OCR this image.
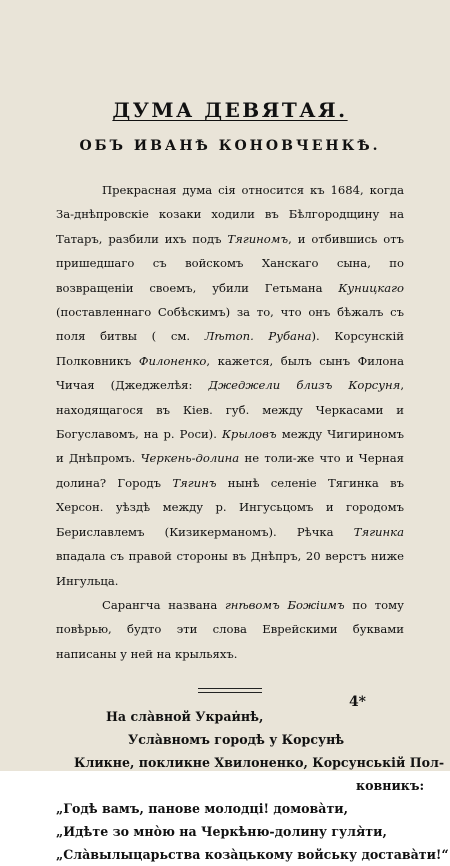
ДУМА ДЕВЯТАЯ.
ОБЪ ИВАНѢ КОНОВЧЕНКѢ.

Прекрасная дума сія относится къ 1684, когда За-днѣпровскіе козаки ходили въ Бѣлгородщину на Татаръ, разбили ихъ подъ Тягиномъ, и отбившись отъ пришедшаго съ войскомъ Ханскаго сына, по возвращеніи своемъ, убили Гетьмана Куницкаго (поставленнаго Собѣскимъ) за то, что онъ бѣжалъ съ поля битвы ( см. Лѣтоп. Рубана). Корсунскій Полковникъ Филоненко, кажется, былъ сынъ Филона Чичая (Джеджелѣя: Джеджели близъ Корсуня, находящагося въ Кіев. губ. между Черкасами и Богуславомъ, на р. Роси). Крыловъ между Чигириномъ и Днѣпромъ. Черкень-долина не толи-же что и Черная долина? Городъ Тягинъ нынѣ селеніе Тягинка въ Херсон. уѣздѣ между р. Ингусьцомъ и городомъ Бериславлемъ (Кизикерманомъ). Рѣчка Тягинка впадала съ правой стороны въ Днѣпръ, 20 верстъ ниже Ингульца.

Сарангча названа гнѣвомъ Божіимъ по тому повѣрью, будто эти слова Еврейскими буквами написаны у ней на крыльяхъ.

На сла̀вной Украи̇нѣ,
Усла̀вномъ городѣ у Корсунѣ
Кликне, покликне Хвилоненко, Корсунськiй Пол-
ковникъ:
„Годѣ вамъ, панове молодцi! домова̀ти,
„Идѣте зо мнòю на Черкѣню-долину гуля̀ти,
„Сла̀вылыцарьства коза̀цькому войську достава̀ти!“
4*
